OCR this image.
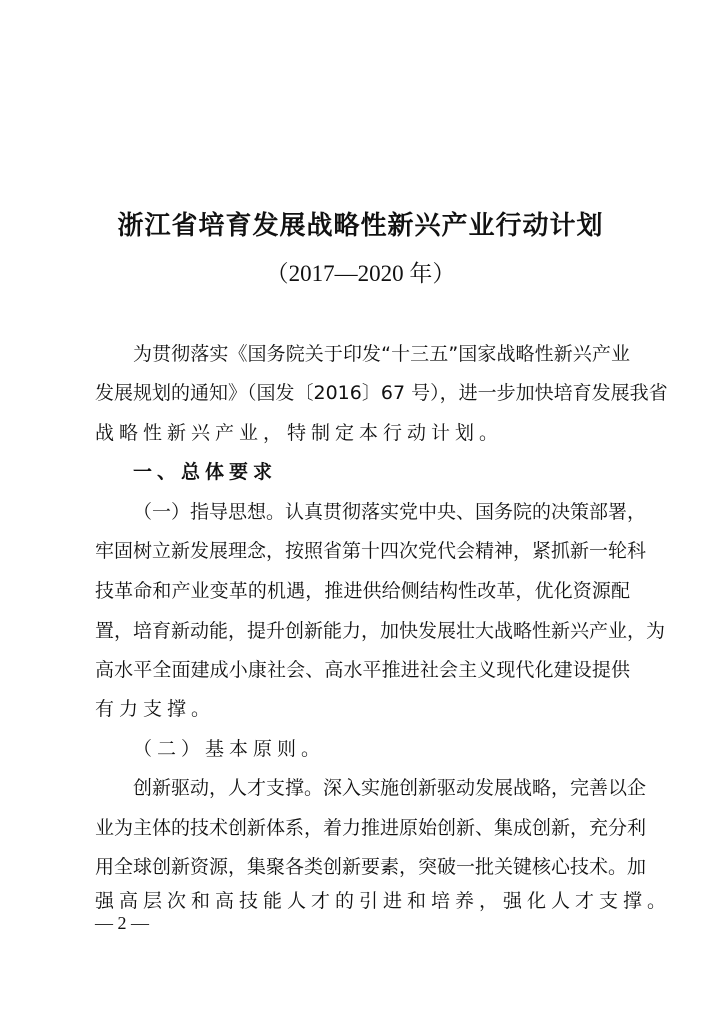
浙江省培育发展战略性新兴产业行动计划
（2017—2020 年）
为贯彻落实《国务院关于印发“十三五”国家战略性新兴产业
发展规划的通知》（国发〔2016〕67 号），进一步加快培育发展我省
战略性新兴产业，特制定本行动计划。
一、总体要求
（一）指导思想。认真贯彻落实党中央、国务院的决策部署，
牢固树立新发展理念，按照省第十四次党代会精神，紧抓新一轮科
技革命和产业变革的机遇，推进供给侧结构性改革，优化资源配
置，培育新动能，提升创新能力，加快发展壮大战略性新兴产业，为
高水平全面建成小康社会、高水平推进社会主义现代化建设提供
有力支撑。
（二）基本原则。
创新驱动，人才支撑。深入实施创新驱动发展战略，完善以企
业为主体的技术创新体系，着力推进原始创新、集成创新，充分利
用全球创新资源，集聚各类创新要素，突破一批关键核心技术。加
强高层次和高技能人才的引进和培养，强化人才支撑。
— 2 —
